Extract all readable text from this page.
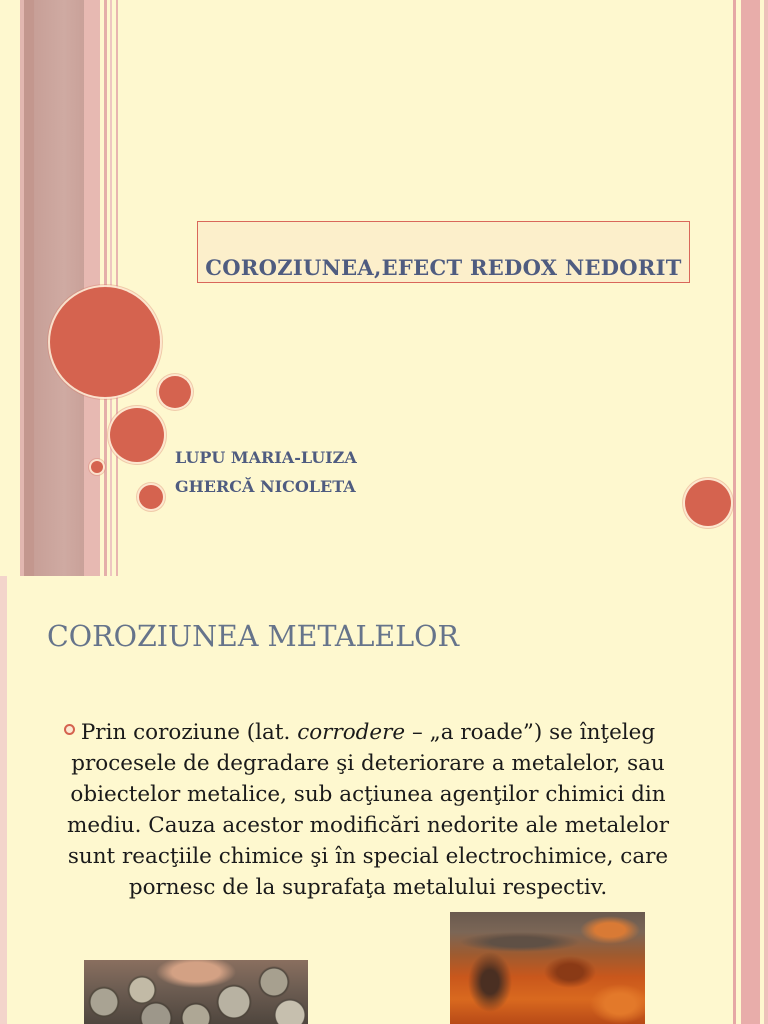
COROZIUNEA,EFECT REDOX NEDORIT
LUPU MARIA-LUIZA
GHERCĂ NICOLETA
COROZIUNEA METALELOR
Prin coroziune (lat. corrodere – „a roade”) se înţeleg
procesele de degradare şi deteriorare a metalelor, sau
obiectelor metalice, sub acţiunea agenţilor chimici din
mediu. Cauza acestor modificări nedorite ale metalelor
sunt reacţiile chimice şi în special electrochimice, care
pornesc de la suprafaţa metalului respectiv.
